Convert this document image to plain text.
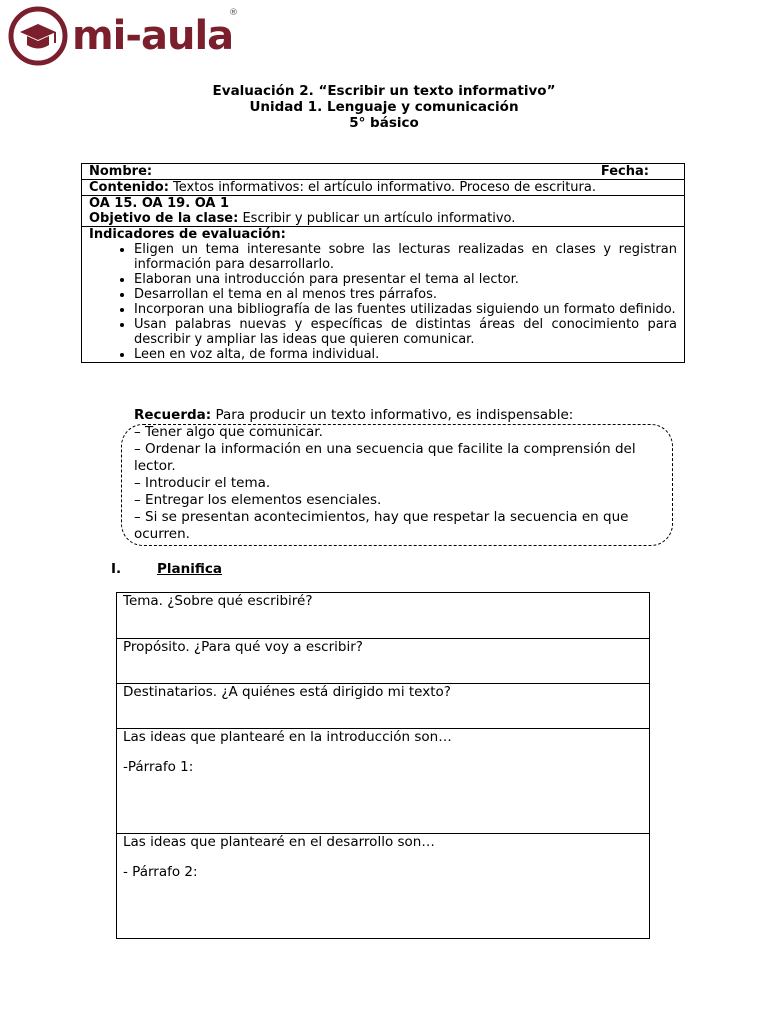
mi-aula
®
Evaluación 2. “Escribir un texto informativo”
Unidad 1. Lenguaje y comunicación
5° básico
Nombre:	Fecha:

Contenido: Textos informativos: el artículo informativo. Proceso de escritura.

OA 15. OA 19. OA 1
Objetivo de la clase: Escribir y publicar un artículo informativo.

Indicadores de evaluación:
• Eligen un tema interesante sobre las lecturas realizadas en clases y registran información para desarrollarlo.
• Elaboran una introducción para presentar el tema al lector.
• Desarrollan el tema en al menos tres párrafos.
• Incorporan una bibliografía de las fuentes utilizadas siguiendo un formato definido.
• Usan palabras nuevas y específicas de distintas áreas del conocimiento para describir y ampliar las ideas que quieren comunicar.
• Leen en voz alta, de forma individual.
Recuerda: Para producir un texto informativo, es indispensable:
– Tener algo que comunicar.
– Ordenar la información en una secuencia que facilite la comprensión del lector.
– Introducir el tema.
– Entregar los elementos esenciales.
– Si se presentan acontecimientos, hay que respetar la secuencia en que ocurren.
I.	Planifica
Tema. ¿Sobre qué escribiré?
Propósito. ¿Para qué voy a escribir?
Destinatarios. ¿A quiénes está dirigido mi texto?

Las ideas que plantearé en la introducción son…
-Párrafo 1:

Las ideas que plantearé en el desarrollo son…
- Párrafo 2:
